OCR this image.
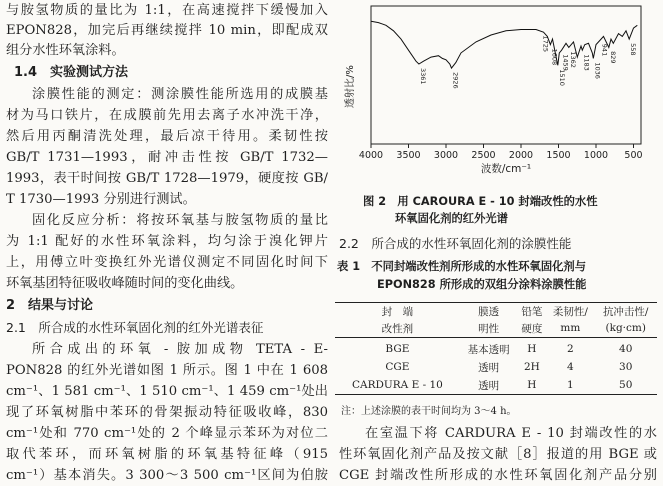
与胺氢物质的量比为 1:1，在高速搅拌下缓慢加入
EPON828，加完后再继续搅拌 10 min，即配成双
组分水性环氧涂料。
1.4　实验测试方法
涂膜性能的测定：测涂膜性能所选用的成膜基
材为马口铁片，在成膜前先用去离子水冲洗干净，
然后用丙酮清洗处理，最后凉干待用。柔韧性按
GB/T 1731—1993，耐冲击性按 GB/T 1732—
1993，表干时间按 GB/T 1728—1979，硬度按 GB/
T 1730—1993 分别进行测试。
固化反应分析：将按环氧基与胺氢物质的量比
为 1:1 配好的水性环氧涂料，均匀涂于溴化钾片
上，用傅立叶变换红外光谱仪测定不同固化时间下
环氧基团特征吸收峰随时间的变化曲线。
2　结果与讨论
2.1　所合成的水性环氧固化剂的红外光谱表征
所合成出的环氧 - 胺加成物 TETA - E-
PON828 的红外光谱如图 1 所示。图 1 中在 1 608
cm⁻¹、1 581 cm⁻¹、1 510 cm⁻¹、1 459 cm⁻¹处出
现了环氧树脂中苯环的骨架振动特征吸收峰，830
cm⁻¹处和 770 cm⁻¹处的 2 个峰显示苯环为对位二
取代苯环，而环氧树脂的环氧基特征峰（915
cm⁻¹）基本消失。3 300～3 500 cm⁻¹区间为伯胺
4000 3500 3000 2500 2000 1500 1000 500
3361	2926
1725
1608
1510
1459 1362 1183 1036
941
829
558
透射比/%
波数/cm⁻¹
图 2　用 CAROURA E - 10 封端改性的水性
环氧固化剂的红外光谱
2.2　所合成的水性环氧固化剂的涂膜性能
表 1　不同封端改性剂所形成的水性环氧固化剂与
EPON828 所形成的双组分涂料涂膜性能
封　端	膜透	铅笔	柔韧性/	抗冲击性/
改性剂	明性	硬度	mm	(kg·cm)
BGE	基本透明	H	2	40
CGE	透明	2H	4	30
CARDURA E - 10	透明	H	1	50
注：上述涂膜的表干时间均为 3～4 h。
在室温下将 CARDURA E - 10 封端改性的水
性环氧固化剂产品及按文献［8］报道的用 BGE 或
CGE 封端改性所形成的水性环氧固化剂产品分别
